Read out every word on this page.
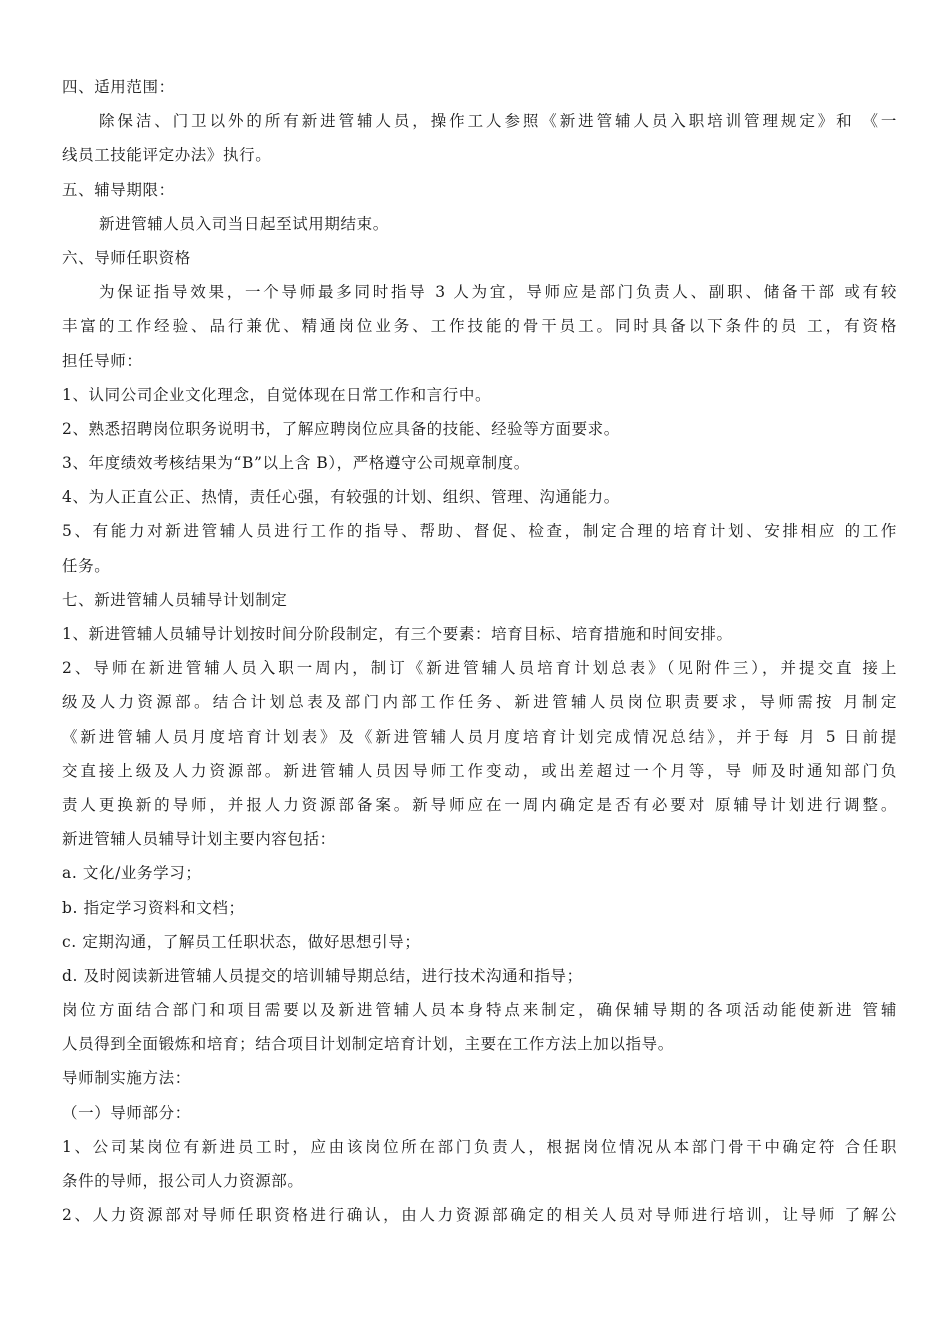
四、适用范围：
除保洁、门卫以外的所有新进管辅人员，操作工人参照《新进管辅人员入职培训管理规定》和 《一
线员工技能评定办法》执行。
五、辅导期限：
新进管辅人员入司当日起至试用期结束。
六、导师任职资格
为保证指导效果，一个导师最多同时指导 3 人为宜，导师应是部门负责人、副职、储备干部 或有较
丰富的工作经验、品行兼优、精通岗位业务、工作技能的骨干员工。同时具备以下条件的员 工，有资格
担任导师：
1、认同公司企业文化理念，自觉体现在日常工作和言行中。
2、熟悉招聘岗位职务说明书，了解应聘岗位应具备的技能、经验等方面要求。
3、年度绩效考核结果为“B”以上含 B），严格遵守公司规章制度。
4、为人正直公正、热情，责任心强，有较强的计划、组织、管理、沟通能力。
5、有能力对新进管辅人员进行工作的指导、帮助、督促、检查，制定合理的培育计划、安排相应 的工作
任务。
七、新进管辅人员辅导计划制定
1、新进管辅人员辅导计划按时间分阶段制定，有三个要素：培育目标、培育措施和时间安排。
2、导师在新进管辅人员入职一周内，制订《新进管辅人员培育计划总表》（见附件三），并提交直 接上
级及人力资源部。结合计划总表及部门内部工作任务、新进管辅人员岗位职责要求，导师需按 月制定
《新进管辅人员月度培育计划表》及《新进管辅人员月度培育计划完成情况总结》，并于每 月 5 日前提
交直接上级及人力资源部。新进管辅人员因导师工作变动，或出差超过一个月等，导 师及时通知部门负
责人更换新的导师，并报人力资源部备案。新导师应在一周内确定是否有必要对 原辅导计划进行调整。
新进管辅人员辅导计划主要内容包括：
a. 文化/业务学习；
b. 指定学习资料和文档；
c. 定期沟通，了解员工任职状态，做好思想引导；
d. 及时阅读新进管辅人员提交的培训辅导期总结，进行技术沟通和指导；
岗位方面结合部门和项目需要以及新进管辅人员本身特点来制定，确保辅导期的各项活动能使新进 管辅
人员得到全面锻炼和培育；结合项目计划制定培育计划，主要在工作方法上加以指导。
导师制实施方法：
（一）导师部分：
1、公司某岗位有新进员工时，应由该岗位所在部门负责人，根据岗位情况从本部门骨干中确定符 合任职
条件的导师，报公司人力资源部。
2、人力资源部对导师任职资格进行确认，由人力资源部确定的相关人员对导师进行培训，让导师 了解公
